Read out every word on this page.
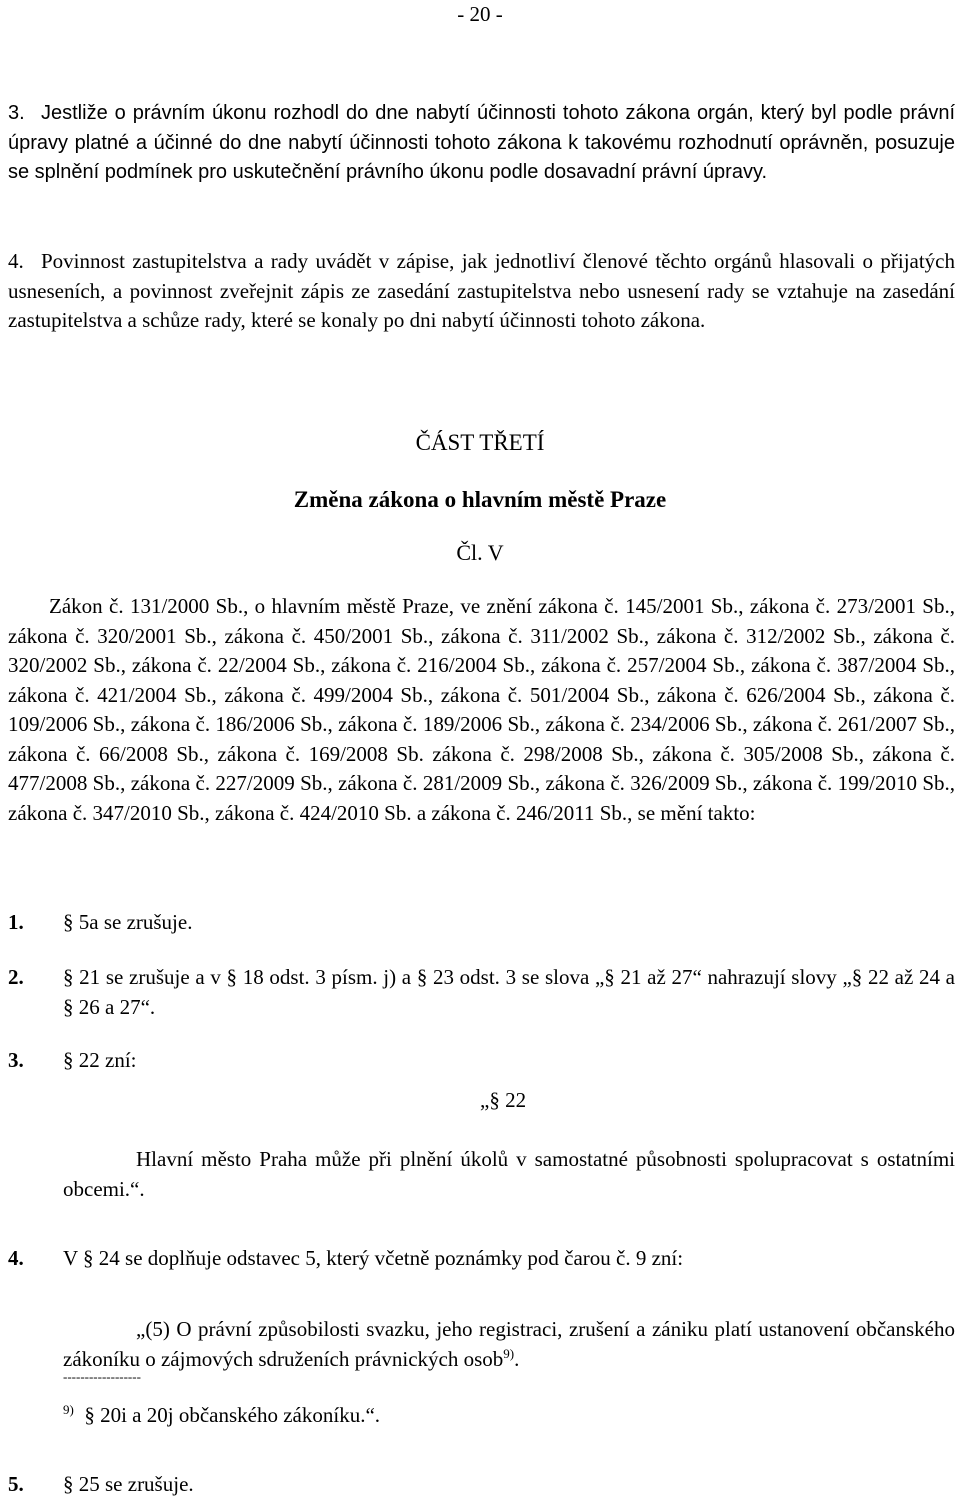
- 20 -

3. Jestliže o právním úkonu rozhodl do dne nabytí účinnosti tohoto zákona orgán, který byl podle právní úpravy platné a účinné do dne nabytí účinnosti tohoto zákona k takovému rozhodnutí oprávněn, posuzuje se splnění podmínek pro uskutečnění právního úkonu podle dosavadní právní úpravy.

4. Povinnost zastupitelstva a rady uvádět v zápise, jak jednotliví členové těchto orgánů hlasovali o přijatých usneseních, a povinnost zveřejnit zápis ze zasedání zastupitelstva nebo usnesení rady se vztahuje na zasedání zastupitelstva a schůze rady, které se konaly po dni nabytí účinnosti tohoto zákona.

ČÁST TŘETÍ
Změna zákona o hlavním městě Praze
Čl. V

Zákon č. 131/2000 Sb., o hlavním městě Praze, ve znění zákona č. 145/2001 Sb., zákona č. 273/2001 Sb., zákona č. 320/2001 Sb., zákona č. 450/2001 Sb., zákona č. 311/2002 Sb., zákona č. 312/2002 Sb., zákona č. 320/2002 Sb., zákona č. 22/2004 Sb., zákona č. 216/2004 Sb., zákona č. 257/2004 Sb., zákona č. 387/2004 Sb., zákona č. 421/2004 Sb., zákona č. 499/2004 Sb., zákona č. 501/2004 Sb., zákona č. 626/2004 Sb., zákona č. 109/2006 Sb., zákona č. 186/2006 Sb., zákona č. 189/2006 Sb., zákona č. 234/2006 Sb., zákona č. 261/2007 Sb., zákona č. 66/2008 Sb., zákona č. 169/2008 Sb. zákona č. 298/2008 Sb., zákona č. 305/2008 Sb., zákona č. 477/2008 Sb., zákona č. 227/2009 Sb., zákona č. 281/2009 Sb., zákona č. 326/2009 Sb., zákona č. 199/2010 Sb., zákona č. 347/2010 Sb., zákona č. 424/2010 Sb. a zákona č. 246/2011 Sb., se mění takto:

1. § 5a se zrušuje.

2.	§ 21 se zrušuje a v § 18 odst. 3 písm. j) a § 23 odst. 3 se slova „§ 21 až 27“ nahrazují slovy „§ 22 až 24 a § 26 a 27“.

3. § 22 zní:

„§ 22

Hlavní město Praha může při plnění úkolů v samostatné působnosti spolupracovat s ostatními obcemi.“.

4. V § 24 se doplňuje odstavec 5, který včetně poznámky pod čarou č. 9 zní:

„(5) O právní způsobilosti svazku, jeho registraci, zrušení a zániku platí ustanovení občanského zákoníku o zájmových sdruženích právnických osob$^{9)}$.

------------------
$^{9)}$ § 20i a 20j občanského zákoníku.“.

5. § 25 se zrušuje.
